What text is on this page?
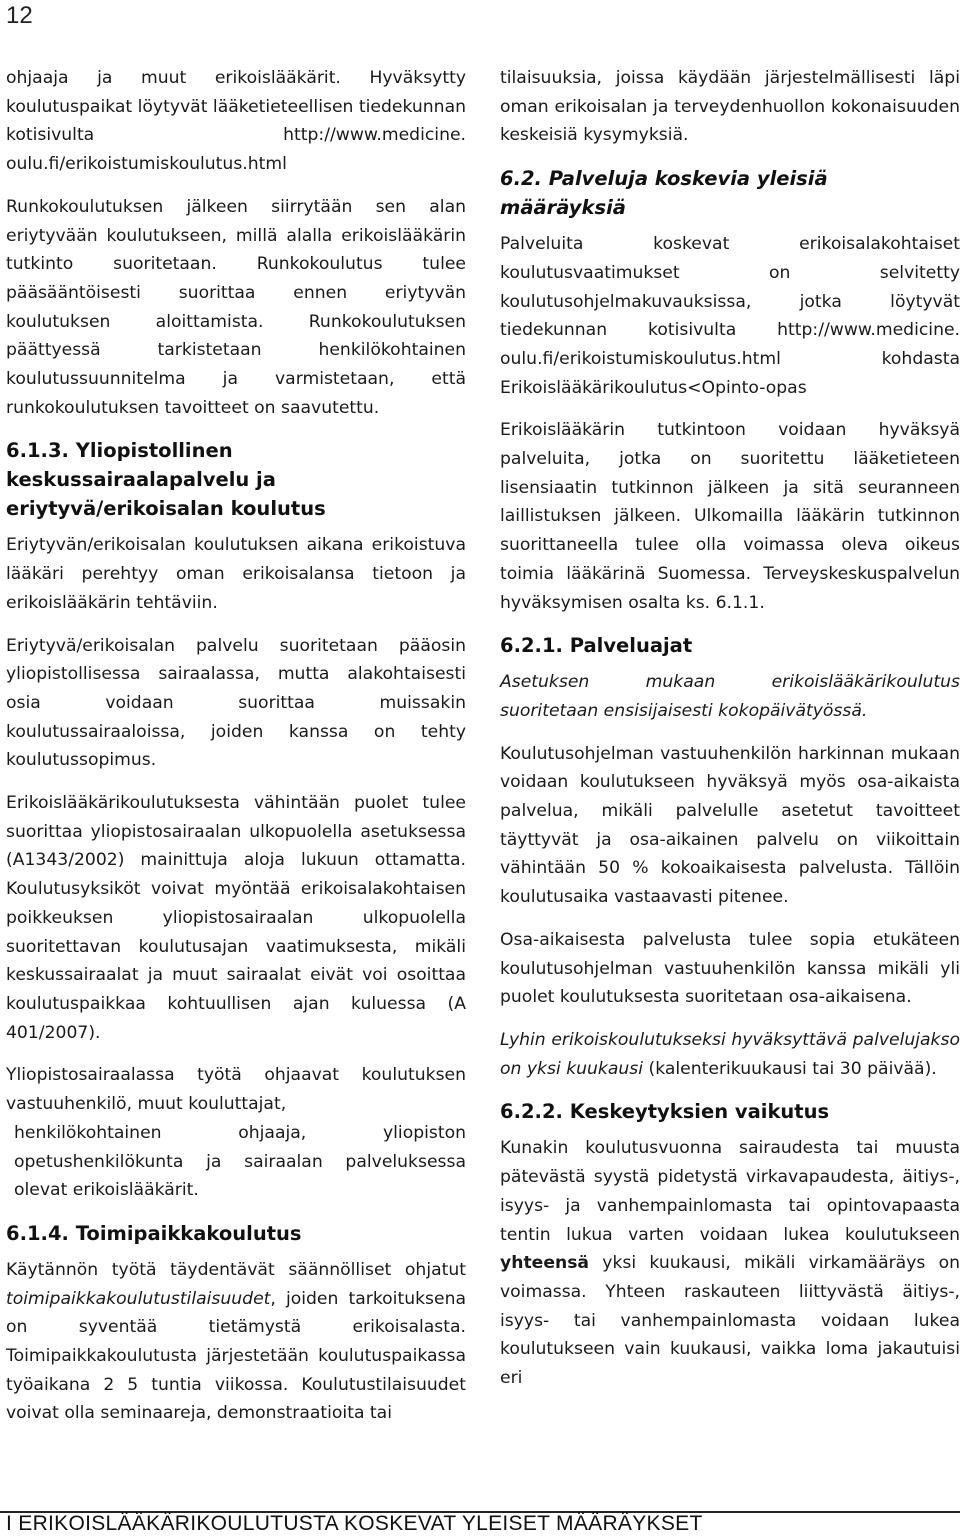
12

ohjaaja ja muut erikoislääkärit. Hyväksytty koulutuspaikat löytyvät lääketieteellisen tiedekunnan kotisivulta http://www.medicine. oulu.fi/erikoistumiskoulutus.html

Runkokoulutuksen jälkeen siirrytään sen alan eriytyvään koulutukseen, millä alalla erikoislääkärin tutkinto suoritetaan. Runkokoulutus tulee pääsääntöisesti suorittaa ennen eriytyvän koulutuksen aloittamista. Runkokoulutuksen päättyessä tarkistetaan henkilökohtainen koulutussuunnitelma ja varmistetaan, että runkokoulutuksen tavoitteet on saavutettu.

6.1.3. Yliopistollinen keskussairaalapalvelu ja eriytyvä/erikoisalan koulutus

Eriytyvän/erikoisalan koulutuksen aikana erikoistuva lääkäri perehtyy oman erikoisalansa tietoon ja erikoislääkärin tehtäviin.

Eriytyvä/erikoisalan palvelu suoritetaan pääosin yliopistollisessa sairaalassa, mutta alakohtaisesti osia voidaan suorittaa muissakin koulutussairaaloissa, joiden kanssa on tehty koulutussopimus.

Erikoislääkärikoulutuksesta vähintään puolet tulee suorittaa yliopistosairaalan ulkopuolella asetuksessa (A1343/2002) mainittuja aloja lukuun ottamatta. Koulutusyksiköt voivat myöntää erikoisalakohtaisen poikkeuksen yliopistosairaalan ulkopuolella suoritettavan koulutusajan vaatimuksesta, mikäli keskussairaalat ja muut sairaalat eivät voi osoittaa koulutuspaikkaa kohtuullisen ajan kuluessa (A 401/2007).

Yliopistosairaalassa työtä ohjaavat koulutuksen vastuuhenkilö, muut kouluttajat,

henkilökohtainen ohjaaja, yliopiston opetushenkilökunta ja sairaalan palveluksessa olevat erikoislääkärit.

6.1.4. Toimipaikkakoulutus

Käytännön työtä täydentävät säännölliset ohjatut toimipaikkakoulutustilaisuudet, joiden tarkoituksena on syventää tietämystä erikoisalasta. Toimipaikkakoulutusta järjestetään koulutuspaikassa työaikana 2 5 tuntia viikossa. Koulutustilaisuudet voivat olla seminaareja, demonstraatioita tai

tilaisuuksia, joissa käydään järjestelmällisesti läpi oman erikoisalan ja terveydenhuollon kokonaisuuden keskeisiä kysymyksiä.

6.2. Palveluja koskevia yleisiä määräyksiä

Palveluita koskevat erikoisalakohtaiset koulutusvaatimukset on selvitetty koulutusohjelmakuvauksissa, jotka löytyvät tiedekunnan kotisivulta http://www.medicine. oulu.fi/erikoistumiskoulutus.html kohdasta Erikoislääkärikoulutus<Opinto-opas

Erikoislääkärin tutkintoon voidaan hyväksyä palveluita, jotka on suoritettu lääketieteen lisensiaatin tutkinnon jälkeen ja sitä seuranneen laillistuksen jälkeen. Ulkomailla lääkärin tutkinnon suorittaneella tulee olla voimassa oleva oikeus toimia lääkärinä Suomessa. Terveyskeskuspalvelun hyväksymisen osalta ks. 6.1.1.

6.2.1. Palveluajat

Asetuksen mukaan erikoislääkärikoulutus suoritetaan ensisijaisesti kokopäivätyössä.

Koulutusohjelman vastuuhenkilön harkinnan mukaan voidaan koulutukseen hyväksyä myös osa-aikaista palvelua, mikäli palvelulle asetetut tavoitteet täyttyvät ja osa-aikainen palvelu on viikoittain vähintään 50 % kokoaikaisesta palvelusta. Tällöin koulutusaika vastaavasti pitenee.

Osa-aikaisesta palvelusta tulee sopia etukäteen koulutusohjelman vastuuhenkilön kanssa mikäli yli puolet koulutuksesta suoritetaan osa-aikaisena.

Lyhin erikoiskoulutukseksi hyväksyttävä palvelujakso on yksi kuukausi (kalenterikuukausi tai 30 päivää).

6.2.2. Keskeytyksien vaikutus

Kunakin koulutusvuonna sairaudesta tai muusta pätevästä syystä pidetystä virkavapaudesta, äitiys-, isyys- ja vanhempainlomasta tai opintovapaasta tentin lukua varten voidaan lukea koulutukseen yhteensä yksi kuukausi, mikäli virkamääräys on voimassa. Yhteen raskauteen liittyvästä äitiys-, isyys- tai vanhempainlomasta voidaan lukea koulutukseen vain kuukausi, vaikka loma jakautuisi eri

I ERIKOISLÄÄKÄRIKOULUTUSTA KOSKEVAT YLEISET MÄÄRÄYKSET
